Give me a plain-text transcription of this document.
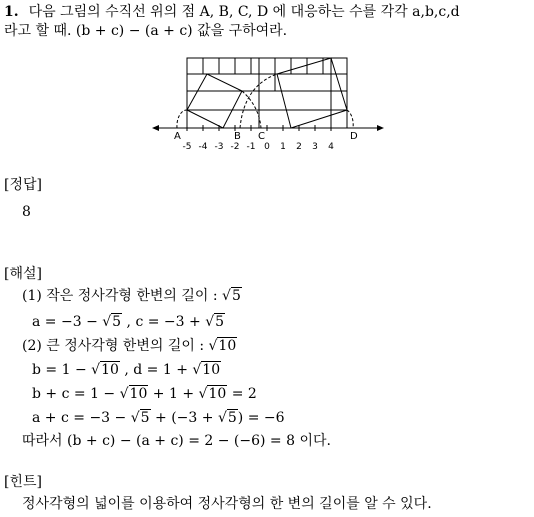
1. 다음 그림의 수직선 위의 점 A, B, C, D 에 대응하는 수를 각각 a,b,c,d
라고 할 때. (b + c) − (a + c) 값을 구하여라.
A	B C	D
-5 -4 -3 -2 -1 0 1 2 3 4
[정답]
8
[해설]
(1) 작은 정사각형 한변의 길이 : √5
a = −3 − √5 , c = −3 + √5
(2) 큰 정사각형 한변의 길이 : √10
b = 1 − √10 , d = 1 + √10
b + c = 1 − √10 + 1 + √10 = 2
a + c = −3 − √5 + (−3 + √5) = −6
따라서 (b + c) − (a + c) = 2 − (−6) = 8 이다.
[힌트]
정사각형의 넓이를 이용하여 정사각형의 한 변의 길이를 알 수 있다.
